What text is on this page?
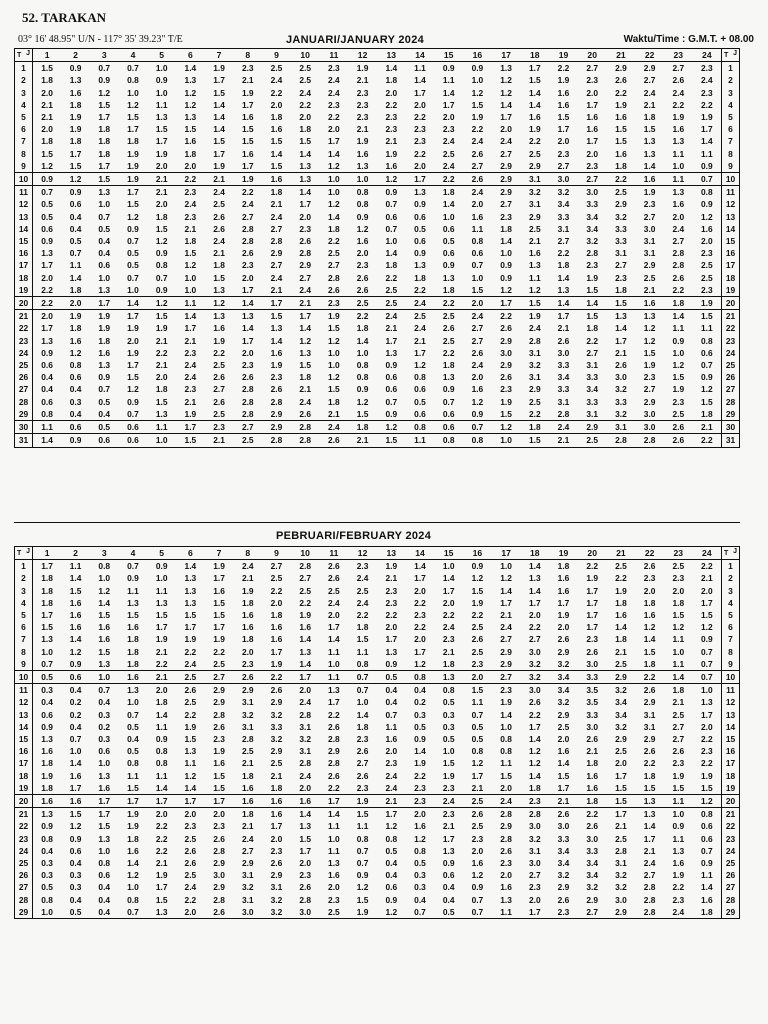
52. TARAKAN
03° 16' 48.95" U/N - 117° 35' 39.23" T/E	Waktu/Time : G.M.T. + 08.00
JANUARI/JANUARY 2024
J
T	1	2	3	4	5	6	7	8	9	10	11	12	13	14	15	16	17	18	19	20	21	22	23	24	J
T

1	1.5	0.9	0.7	0.7	1.0	1.4	1.9	2.3	2.5	2.5	2.3	1.9	1.4	1.1	0.9	0.9	1.3	1.7	2.2	2.7	2.9	2.9	2.7	2.3	1
2	1.8	1.3	0.9	0.8	0.9	1.3	1.7	2.1	2.4	2.5	2.4	2.1	1.8	1.4	1.1	1.0	1.2	1.5	1.9	2.3	2.6	2.7	2.6	2.4	2
3	2.0	1.6	1.2	1.0	1.0	1.2	1.5	1.9	2.2	2.4	2.4	2.3	2.0	1.7	1.4	1.2	1.2	1.4	1.6	2.0	2.2	2.4	2.4	2.3	3
4	2.1	1.8	1.5	1.2	1.1	1.2	1.4	1.7	2.0	2.2	2.3	2.3	2.2	2.0	1.7	1.5	1.4	1.4	1.6	1.7	1.9	2.1	2.2	2.2	4
5	2.1	1.9	1.7	1.5	1.3	1.3	1.4	1.6	1.8	2.0	2.2	2.3	2.3	2.2	2.0	1.9	1.7	1.6	1.5	1.6	1.6	1.8	1.9	1.9	5
6	2.0	1.9	1.8	1.7	1.5	1.5	1.4	1.5	1.6	1.8	2.0	2.1	2.3	2.3	2.3	2.2	2.0	1.9	1.7	1.6	1.5	1.5	1.6	1.7	6
7	1.8	1.8	1.8	1.8	1.7	1.6	1.5	1.5	1.5	1.5	1.7	1.9	2.1	2.3	2.4	2.4	2.4	2.2	2.0	1.7	1.5	1.3	1.3	1.4	7
8	1.5	1.7	1.8	1.9	1.9	1.8	1.7	1.6	1.4	1.4	1.4	1.6	1.9	2.2	2.5	2.6	2.7	2.5	2.3	2.0	1.6	1.3	1.1	1.1	8
9	1.2	1.5	1.7	1.9	2.0	2.0	1.9	1.7	1.5	1.3	1.2	1.3	1.6	2.0	2.4	2.7	2.9	2.9	2.7	2.3	1.8	1.4	1.0	0.9	9
10	0.9	1.2	1.5	1.9	2.1	2.2	2.1	1.9	1.6	1.3	1.0	1.0	1.2	1.7	2.2	2.6	2.9	3.1	3.0	2.7	2.2	1.6	1.1	0.7	10
11	0.7	0.9	1.3	1.7	2.1	2.3	2.4	2.2	1.8	1.4	1.0	0.8	0.9	1.3	1.8	2.4	2.9	3.2	3.2	3.0	2.5	1.9	1.3	0.8	11
12	0.5	0.6	1.0	1.5	2.0	2.4	2.5	2.4	2.1	1.7	1.2	0.8	0.7	0.9	1.4	2.0	2.7	3.1	3.4	3.3	2.9	2.3	1.6	0.9	12
13	0.5	0.4	0.7	1.2	1.8	2.3	2.6	2.7	2.4	2.0	1.4	0.9	0.6	0.6	1.0	1.6	2.3	2.9	3.3	3.4	3.2	2.7	2.0	1.2	13
14	0.6	0.4	0.5	0.9	1.5	2.1	2.6	2.8	2.7	2.3	1.8	1.2	0.7	0.5	0.6	1.1	1.8	2.5	3.1	3.4	3.3	3.0	2.4	1.6	14
15	0.9	0.5	0.4	0.7	1.2	1.8	2.4	2.8	2.8	2.6	2.2	1.6	1.0	0.6	0.5	0.8	1.4	2.1	2.7	3.2	3.3	3.1	2.7	2.0	15
16	1.3	0.7	0.4	0.5	0.9	1.5	2.1	2.6	2.9	2.8	2.5	2.0	1.4	0.9	0.6	0.6	1.0	1.6	2.2	2.8	3.1	3.1	2.8	2.3	16
17	1.7	1.1	0.6	0.5	0.8	1.2	1.8	2.3	2.7	2.9	2.7	2.3	1.8	1.3	0.9	0.7	0.9	1.3	1.8	2.3	2.7	2.9	2.8	2.5	17
18	2.0	1.4	1.0	0.7	0.7	1.0	1.5	2.0	2.4	2.7	2.8	2.6	2.2	1.8	1.3	1.0	0.9	1.1	1.4	1.9	2.3	2.5	2.6	2.5	18
19	2.2	1.8	1.3	1.0	0.9	1.0	1.3	1.7	2.1	2.4	2.6	2.6	2.5	2.2	1.8	1.5	1.2	1.2	1.3	1.5	1.8	2.1	2.2	2.3	19
20	2.2	2.0	1.7	1.4	1.2	1.1	1.2	1.4	1.7	2.1	2.3	2.5	2.5	2.4	2.2	2.0	1.7	1.5	1.4	1.4	1.5	1.6	1.8	1.9	20
21	2.0	1.9	1.9	1.7	1.5	1.4	1.3	1.3	1.5	1.7	1.9	2.2	2.4	2.5	2.5	2.4	2.2	1.9	1.7	1.5	1.3	1.3	1.4	1.5	21
22	1.7	1.8	1.9	1.9	1.9	1.7	1.6	1.4	1.3	1.4	1.5	1.8	2.1	2.4	2.6	2.7	2.6	2.4	2.1	1.8	1.4	1.2	1.1	1.1	22
23	1.3	1.6	1.8	2.0	2.1	2.1	1.9	1.7	1.4	1.2	1.2	1.4	1.7	2.1	2.5	2.7	2.9	2.8	2.6	2.2	1.7	1.2	0.9	0.8	23
24	0.9	1.2	1.6	1.9	2.2	2.3	2.2	2.0	1.6	1.3	1.0	1.0	1.3	1.7	2.2	2.6	3.0	3.1	3.0	2.7	2.1	1.5	1.0	0.6	24
25	0.6	0.8	1.3	1.7	2.1	2.4	2.5	2.3	1.9	1.5	1.0	0.8	0.9	1.2	1.8	2.4	2.9	3.2	3.3	3.1	2.6	1.9	1.2	0.7	25
26	0.4	0.6	0.9	1.5	2.0	2.4	2.6	2.6	2.3	1.8	1.2	0.8	0.6	0.8	1.3	2.0	2.6	3.1	3.4	3.3	3.0	2.3	1.5	0.9	26
27	0.4	0.4	0.7	1.2	1.8	2.3	2.7	2.8	2.6	2.1	1.5	0.9	0.6	0.6	0.9	1.6	2.3	2.9	3.3	3.4	3.2	2.7	1.9	1.2	27
28	0.6	0.3	0.5	0.9	1.5	2.1	2.6	2.8	2.8	2.4	1.8	1.2	0.7	0.5	0.7	1.2	1.9	2.5	3.1	3.3	3.3	2.9	2.3	1.5	28
29	0.8	0.4	0.4	0.7	1.3	1.9	2.5	2.8	2.9	2.6	2.1	1.5	0.9	0.6	0.6	0.9	1.5	2.2	2.8	3.1	3.2	3.0	2.5	1.8	29
30	1.1	0.6	0.5	0.6	1.1	1.7	2.3	2.7	2.9	2.8	2.4	1.8	1.2	0.8	0.6	0.7	1.2	1.8	2.4	2.9	3.1	3.0	2.6	2.1	30
31	1.4	0.9	0.6	0.6	1.0	1.5	2.1	2.5	2.8	2.8	2.6	2.1	1.5	1.1	0.8	0.8	1.0	1.5	2.1	2.5	2.8	2.8	2.6	2.2	31
PEBRUARI/FEBRUARY 2024
J
T	1	2	3	4	5	6	7	8	9	10	11	12	13	14	15	16	17	18	19	20	21	22	23	24	J
T

1	1.7	1.1	0.8	0.7	0.9	1.4	1.9	2.4	2.7	2.8	2.6	2.3	1.9	1.4	1.0	0.9	1.0	1.4	1.8	2.2	2.5	2.6	2.5	2.2	1
2	1.8	1.4	1.0	0.9	1.0	1.3	1.7	2.1	2.5	2.7	2.6	2.4	2.1	1.7	1.4	1.2	1.2	1.3	1.6	1.9	2.2	2.3	2.3	2.1	2
3	1.8	1.5	1.2	1.1	1.1	1.3	1.6	1.9	2.2	2.5	2.5	2.5	2.3	2.0	1.7	1.5	1.4	1.4	1.6	1.7	1.9	2.0	2.0	2.0	3
4	1.8	1.6	1.4	1.3	1.3	1.3	1.5	1.8	2.0	2.2	2.4	2.4	2.3	2.2	2.0	1.9	1.7	1.7	1.7	1.7	1.8	1.8	1.8	1.7	4
5	1.7	1.6	1.5	1.5	1.5	1.5	1.5	1.6	1.8	1.9	2.0	2.2	2.2	2.3	2.2	2.2	2.1	2.0	1.9	1.7	1.6	1.6	1.5	1.5	5
6	1.5	1.6	1.6	1.6	1.7	1.7	1.7	1.6	1.6	1.6	1.7	1.8	2.0	2.2	2.4	2.5	2.4	2.2	2.0	1.7	1.4	1.2	1.2	1.2	6
7	1.3	1.4	1.6	1.8	1.9	1.9	1.9	1.8	1.6	1.4	1.4	1.5	1.7	2.0	2.3	2.6	2.7	2.7	2.6	2.3	1.8	1.4	1.1	0.9	7
8	1.0	1.2	1.5	1.8	2.1	2.2	2.2	2.0	1.7	1.3	1.1	1.1	1.3	1.7	2.1	2.5	2.9	3.0	2.9	2.6	2.1	1.5	1.0	0.7	8
9	0.7	0.9	1.3	1.8	2.2	2.4	2.5	2.3	1.9	1.4	1.0	0.8	0.9	1.2	1.8	2.3	2.9	3.2	3.2	3.0	2.5	1.8	1.1	0.7	9
10	0.5	0.6	1.0	1.6	2.1	2.5	2.7	2.6	2.2	1.7	1.1	0.7	0.5	0.8	1.3	2.0	2.7	3.2	3.4	3.3	2.9	2.2	1.4	0.7	10
11	0.3	0.4	0.7	1.3	2.0	2.6	2.9	2.9	2.6	2.0	1.3	0.7	0.4	0.4	0.8	1.5	2.3	3.0	3.4	3.5	3.2	2.6	1.8	1.0	11
12	0.4	0.2	0.4	1.0	1.8	2.5	2.9	3.1	2.9	2.4	1.7	1.0	0.4	0.2	0.5	1.1	1.9	2.6	3.2	3.5	3.4	2.9	2.1	1.3	12
13	0.6	0.2	0.3	0.7	1.4	2.2	2.8	3.2	3.2	2.8	2.2	1.4	0.7	0.3	0.3	0.7	1.4	2.2	2.9	3.3	3.4	3.1	2.5	1.7	13
14	0.9	0.4	0.2	0.5	1.1	1.9	2.6	3.1	3.3	3.1	2.6	1.8	1.1	0.5	0.3	0.5	1.0	1.7	2.5	3.0	3.2	3.1	2.7	2.0	14
15	1.3	0.7	0.3	0.4	0.9	1.5	2.3	2.8	3.2	3.2	2.8	2.3	1.6	0.9	0.5	0.5	0.8	1.4	2.0	2.6	2.9	2.9	2.7	2.2	15
16	1.6	1.0	0.6	0.5	0.8	1.3	1.9	2.5	2.9	3.1	2.9	2.6	2.0	1.4	1.0	0.8	0.8	1.2	1.6	2.1	2.5	2.6	2.6	2.3	16
17	1.8	1.4	1.0	0.8	0.8	1.1	1.6	2.1	2.5	2.8	2.8	2.7	2.3	1.9	1.5	1.2	1.1	1.2	1.4	1.8	2.0	2.2	2.3	2.2	17
18	1.9	1.6	1.3	1.1	1.1	1.2	1.5	1.8	2.1	2.4	2.6	2.6	2.4	2.2	1.9	1.7	1.5	1.4	1.5	1.6	1.7	1.8	1.9	1.9	18
19	1.8	1.7	1.6	1.5	1.4	1.4	1.5	1.6	1.8	2.0	2.2	2.3	2.4	2.3	2.3	2.1	2.0	1.8	1.7	1.6	1.5	1.5	1.5	1.5	19
20	1.6	1.6	1.7	1.7	1.7	1.7	1.7	1.6	1.6	1.6	1.7	1.9	2.1	2.3	2.4	2.5	2.4	2.3	2.1	1.8	1.5	1.3	1.1	1.2	20
21	1.3	1.5	1.7	1.9	2.0	2.0	2.0	1.8	1.6	1.4	1.4	1.5	1.7	2.0	2.3	2.6	2.8	2.8	2.6	2.2	1.7	1.3	1.0	0.8	21
22	0.9	1.2	1.5	1.9	2.2	2.3	2.3	2.1	1.7	1.3	1.1	1.1	1.2	1.6	2.1	2.5	2.9	3.0	3.0	2.6	2.1	1.4	0.9	0.6	22
23	0.8	0.9	1.3	1.8	2.2	2.5	2.6	2.4	2.0	1.5	1.0	0.8	0.8	1.2	1.7	2.3	2.8	3.2	3.3	3.0	2.5	1.7	1.1	0.6	23
24	0.4	0.6	1.0	1.6	2.2	2.6	2.8	2.7	2.3	1.7	1.1	0.7	0.5	0.8	1.3	2.0	2.6	3.1	3.4	3.3	2.8	2.1	1.3	0.7	24
25	0.3	0.4	0.8	1.4	2.1	2.6	2.9	2.9	2.6	2.0	1.3	0.7	0.4	0.5	0.9	1.6	2.3	3.0	3.4	3.4	3.1	2.4	1.6	0.9	25
26	0.3	0.3	0.6	1.2	1.9	2.5	3.0	3.1	2.9	2.3	1.6	0.9	0.4	0.3	0.6	1.2	2.0	2.7	3.2	3.4	3.2	2.7	1.9	1.1	26
27	0.5	0.3	0.4	1.0	1.7	2.4	2.9	3.2	3.1	2.6	2.0	1.2	0.6	0.3	0.4	0.9	1.6	2.3	2.9	3.2	3.2	2.8	2.2	1.4	27
28	0.8	0.4	0.4	0.8	1.5	2.2	2.8	3.1	3.2	2.8	2.3	1.5	0.9	0.4	0.4	0.7	1.3	2.0	2.6	2.9	3.0	2.8	2.3	1.6	28
29	1.0	0.5	0.4	0.7	1.3	2.0	2.6	3.0	3.2	3.0	2.5	1.9	1.2	0.7	0.5	0.7	1.1	1.7	2.3	2.7	2.9	2.8	2.4	1.8	29
